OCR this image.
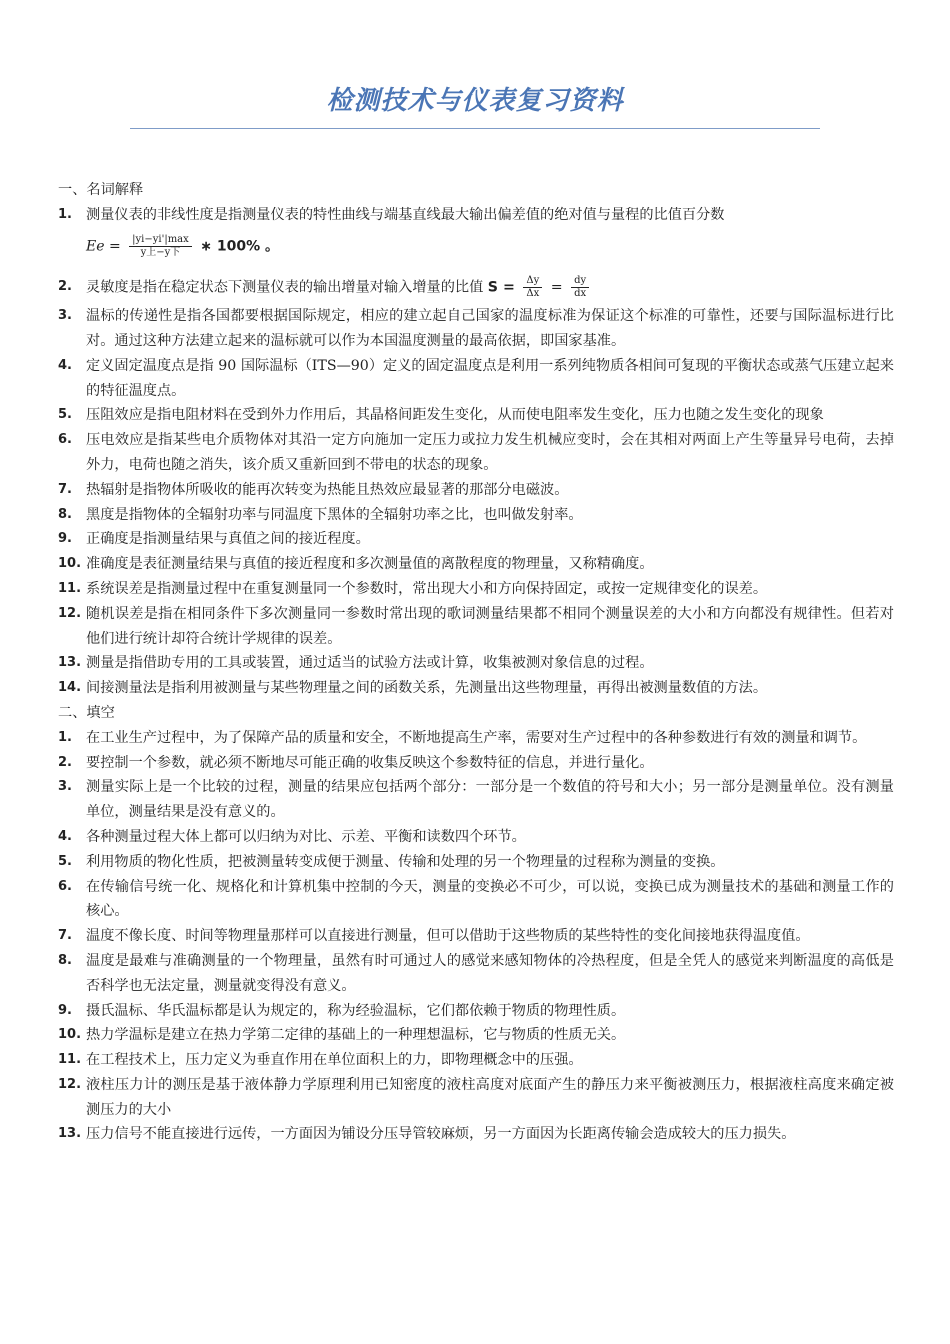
检测技术与仪表复习资料
一、名词解释
1. 测量仪表的非线性度是指测量仪表的特性曲线与端基直线最大输出偏差值的绝对值与量程的比值百分数
$Ee = \frac{|yi-yi'|\max}{\text{y上−y下}}$ ∗ 100% 。
2. 灵敏度是指在稳定状态下测量仪表的输出增量对输入增量的比值 $S = \frac{\Delta y}{\Delta x} = \frac{dy}{dx}$
3. 温标的传递性是指各国都要根据国际规定，相应的建立起自己国家的温度标准为保证这个标准的可靠性，还要与国际温标进行比对。通过这种方法建立起来的温标就可以作为本国温度测量的最高依据，即国家基准。
4. 定义固定温度点是指 90 国际温标（ITS—90）定义的固定温度点是利用一系列纯物质各相间可复现的平衡状态或蒸气压建立起来的特征温度点。
5. 压阻效应是指电阻材料在受到外力作用后，其晶格间距发生变化，从而使电阻率发生变化，压力也随之发生变化的现象
6. 压电效应是指某些电介质物体对其沿一定方向施加一定压力或拉力发生机械应变时，会在其相对两面上产生等量异号电荷，去掉外力，电荷也随之消失，该介质又重新回到不带电的状态的现象。
7. 热辐射是指物体所吸收的能再次转变为热能且热效应最显著的那部分电磁波。
8. 黑度是指物体的全辐射功率与同温度下黑体的全辐射功率之比，也叫做发射率。
9. 正确度是指测量结果与真值之间的接近程度。
10. 准确度是表征测量结果与真值的接近程度和多次测量值的离散程度的物理量，又称精确度。
11. 系统误差是指测量过程中在重复测量同一个参数时，常出现大小和方向保持固定，或按一定规律变化的误差。
12. 随机误差是指在相同条件下多次测量同一参数时常出现的歌词测量结果都不相同个测量误差的大小和方向都没有规律性。但若对他们进行统计却符合统计学规律的误差。
13. 测量是指借助专用的工具或装置，通过适当的试验方法或计算，收集被测对象信息的过程。
14. 间接测量法是指利用被测量与某些物理量之间的函数关系，先测量出这些物理量，再得出被测量数值的方法。
二、填空
1. 在工业生产过程中，为了保障产品的质量和安全，不断地提高生产率，需要对生产过程中的各种参数进行有效的测量和调节。
2. 要控制一个参数，就必须不断地尽可能正确的收集反映这个参数特征的信息，并进行量化。
3. 测量实际上是一个比较的过程，测量的结果应包括两个部分：一部分是一个数值的符号和大小；另一部分是测量单位。没有测量单位，测量结果是没有意义的。
4. 各种测量过程大体上都可以归纳为对比、示差、平衡和读数四个环节。
5. 利用物质的物化性质，把被测量转变成便于测量、传输和处理的另一个物理量的过程称为测量的变换。
6. 在传输信号统一化、规格化和计算机集中控制的今天，测量的变换必不可少，可以说，变换已成为测量技术的基础和测量工作的核心。
7. 温度不像长度、时间等物理量那样可以直接进行测量，但可以借助于这些物质的某些特性的变化间接地获得温度值。
8. 温度是最难与准确测量的一个物理量，虽然有时可通过人的感觉来感知物体的冷热程度，但是全凭人的感觉来判断温度的高低是否科学也无法定量，测量就变得没有意义。
9. 摄氏温标、华氏温标都是认为规定的，称为经验温标，它们都依赖于物质的物理性质。
10. 热力学温标是建立在热力学第二定律的基础上的一种理想温标，它与物质的性质无关。
11. 在工程技术上，压力定义为垂直作用在单位面积上的力，即物理概念中的压强。
12. 液柱压力计的测压是基于液体静力学原理利用已知密度的液柱高度对底面产生的静压力来平衡被测压力，根据液柱高度来确定被测压力的大小
13. 压力信号不能直接进行远传，一方面因为铺设分压导管较麻烦，另一方面因为长距离传输会造成较大的压力损失。
